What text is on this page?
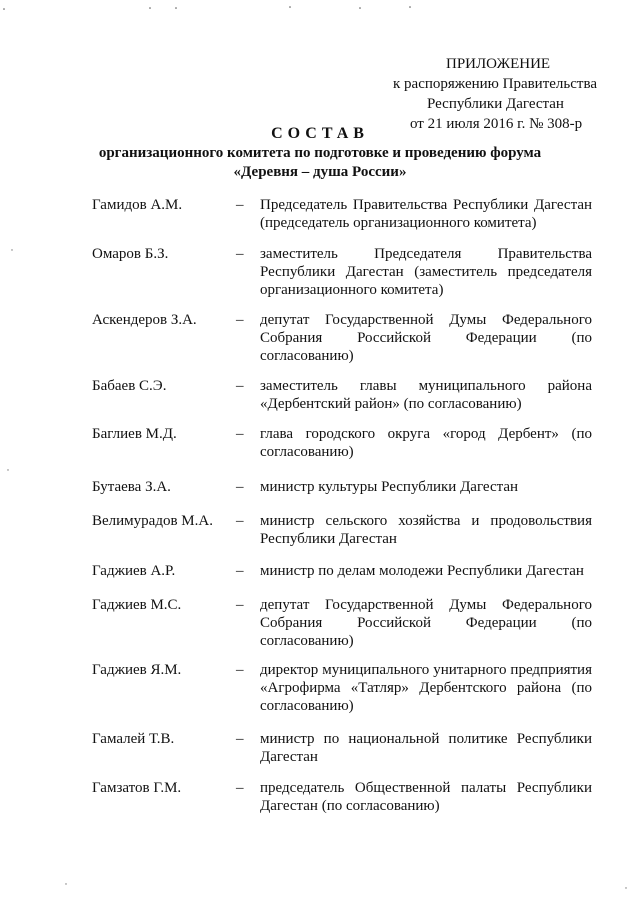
ПРИЛОЖЕНИЕ
к распоряжению Правительства
Республики Дагестан
от 21 июля 2016 г. № 308-р
СОСТАВ
организационного комитета по подготовке и проведению форума
«Деревня – душа России»
Гамидов А.М.	– Председатель Правительства Республики Дагестан (председатель организационного комитета)
Омаров Б.З.	– заместитель Председателя Правительства Республики Дагестан (заместитель председателя организационного комитета)
Аскендеров З.А.	– депутат Государственной Думы Федерального Собрания Российской Федерации (по согласованию)
Бабаев С.Э.	– заместитель главы муниципального района «Дербентский район» (по согласованию)
Баглиев М.Д.	– глава городского округа «город Дербент» (по согласованию)
Бутаева З.А.	– министр культуры Республики Дагестан
Велимурадов М.А.	– министр сельского хозяйства и продовольствия Республики Дагестан
Гаджиев А.Р.	– министр по делам молодежи Республики Дагестан
Гаджиев М.С.	– депутат Государственной Думы Федерального Собрания Российской Федерации (по согласованию)
Гаджиев Я.М.	– директор муниципального унитарного предприятия «Агрофирма «Татляр» Дербентского района (по согласованию)
Гамалей Т.В.	– министр по национальной политике Республики Дагестан
Гамзатов Г.М.	– председатель Общественной палаты Республики Дагестан (по согласованию)
